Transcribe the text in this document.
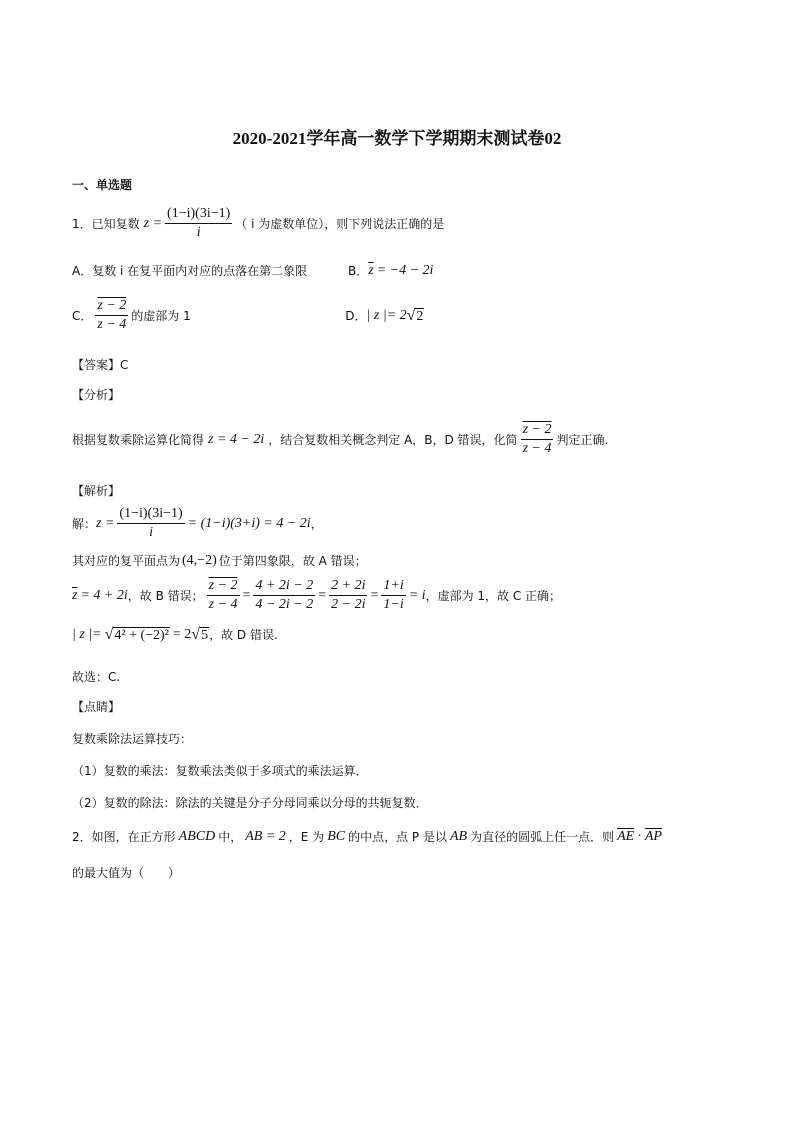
2020-2021学年高一数学下学期期末测试卷02
一、单选题
1．已知复数 $z = \frac{(1-i)(3i-1)}{i}$ （ i 为虚数单位），则下列说法正确的是
A．复数 i 在复平面内对应的点落在第二象限	B． $\overline{z} = -4 - 2i$
C． $\frac{z - 2}{z - 4}$ 的虚部为 1	D． | z |= 2 √ 2
【答案】C
【分析】
根据复数乘除运算化简得 z = 4 − 2i ，结合复数相关概念判定 A，B，D 错误，化简 $\frac{z - 2}{z - 4}$ 判定正确.
【解析】
解： $z = \frac{(1-i)(3i-1)}{i} = (1-i)(3+i) = 4 - 2i$ ，
其对应的复平面点为 (4,−2) 位于第四象限，故 A 错误；
$\overline{z} = 4 + 2i$ ，故 B 错误； $\frac{z - 2}{z - 4} = \frac{4 + 2i - 2}{4 - 2i - 2} = \frac{2 + 2i}{2 - 2i} = \frac{1+i}{1-i} = i$ ，虚部为 1，故 C 正确；
| z |= √ 4² + (−2)² = 2 √ 5 ，故 D 错误.
故选：C.
【点睛】
复数乘除法运算技巧：
（1）复数的乘法：复数乘法类似于多项式的乘法运算．
（2）复数的除法：除法的关键是分子分母同乘以分母的共轭复数．
2．如图，在正方形 ABCD 中， AB = 2 ，E 为 BC 的中点，点 P 是以 AB 为直径的圆弧上任一点．则 $\overline{AE} \cdot \overline{AP}$
的最大值为（　　）
